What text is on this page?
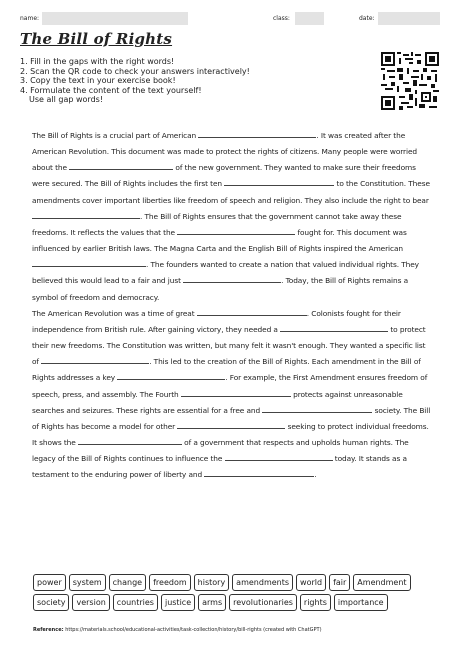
name:	class:	date:
The Bill of Rights
1. Fill in the gaps with the right words!
2. Scan the QR code to check your answers interactively!
3. Copy the text in your exercise book!
4. Formulate the content of the text yourself!
Use all gap words!

The Bill of Rights is a crucial part of American	. It was created after the American Revolution. This document was made to protect the rights of citizens. Many people were worried about the	of the new government. They wanted to make sure their freedoms were secured. The Bill of Rights includes the first ten	to the Constitution. These amendments cover important liberties like freedom of speech and religion. They also include the right to bear . The Bill of Rights ensures that the government cannot take away these freedoms. It reflects the values that the	fought for. This document was influenced by earlier British laws. The Magna Carta and the English Bill of Rights inspired the American . The founders wanted to create a nation that valued individual rights. They believed this would lead to a fair and just	. Today, the Bill of Rights remains a symbol of freedom and democracy.

The American Revolution was a time of great	. Colonists fought for their independence from British rule. After gaining victory, they needed a	to protect their new freedoms. The Constitution was written, but many felt it wasn't enough. They wanted a specific list of	. This led to the creation of the Bill of Rights. Each amendment in the Bill of Rights addresses a key	. For example, the First Amendment ensures freedom of speech, press, and assembly. The Fourth	protects against unreasonable searches and seizures. These rights are essential for a free and	society. The Bill of Rights has become a model for other	seeking to protect individual freedoms. It shows the	of a government that respects and upholds human rights. The legacy of the Bill of Rights continues to influence the	today. It stands as a testament to the enduring power of liberty and	.

power	system	change	freedom	history	amendments	world	fair	Amendment
society	version	countries	justice	arms	revolutionaries	rights	importance
Reference: https://materials.school/educational-activities/task-collection/history/bill-rights (created with ChatGPT)
